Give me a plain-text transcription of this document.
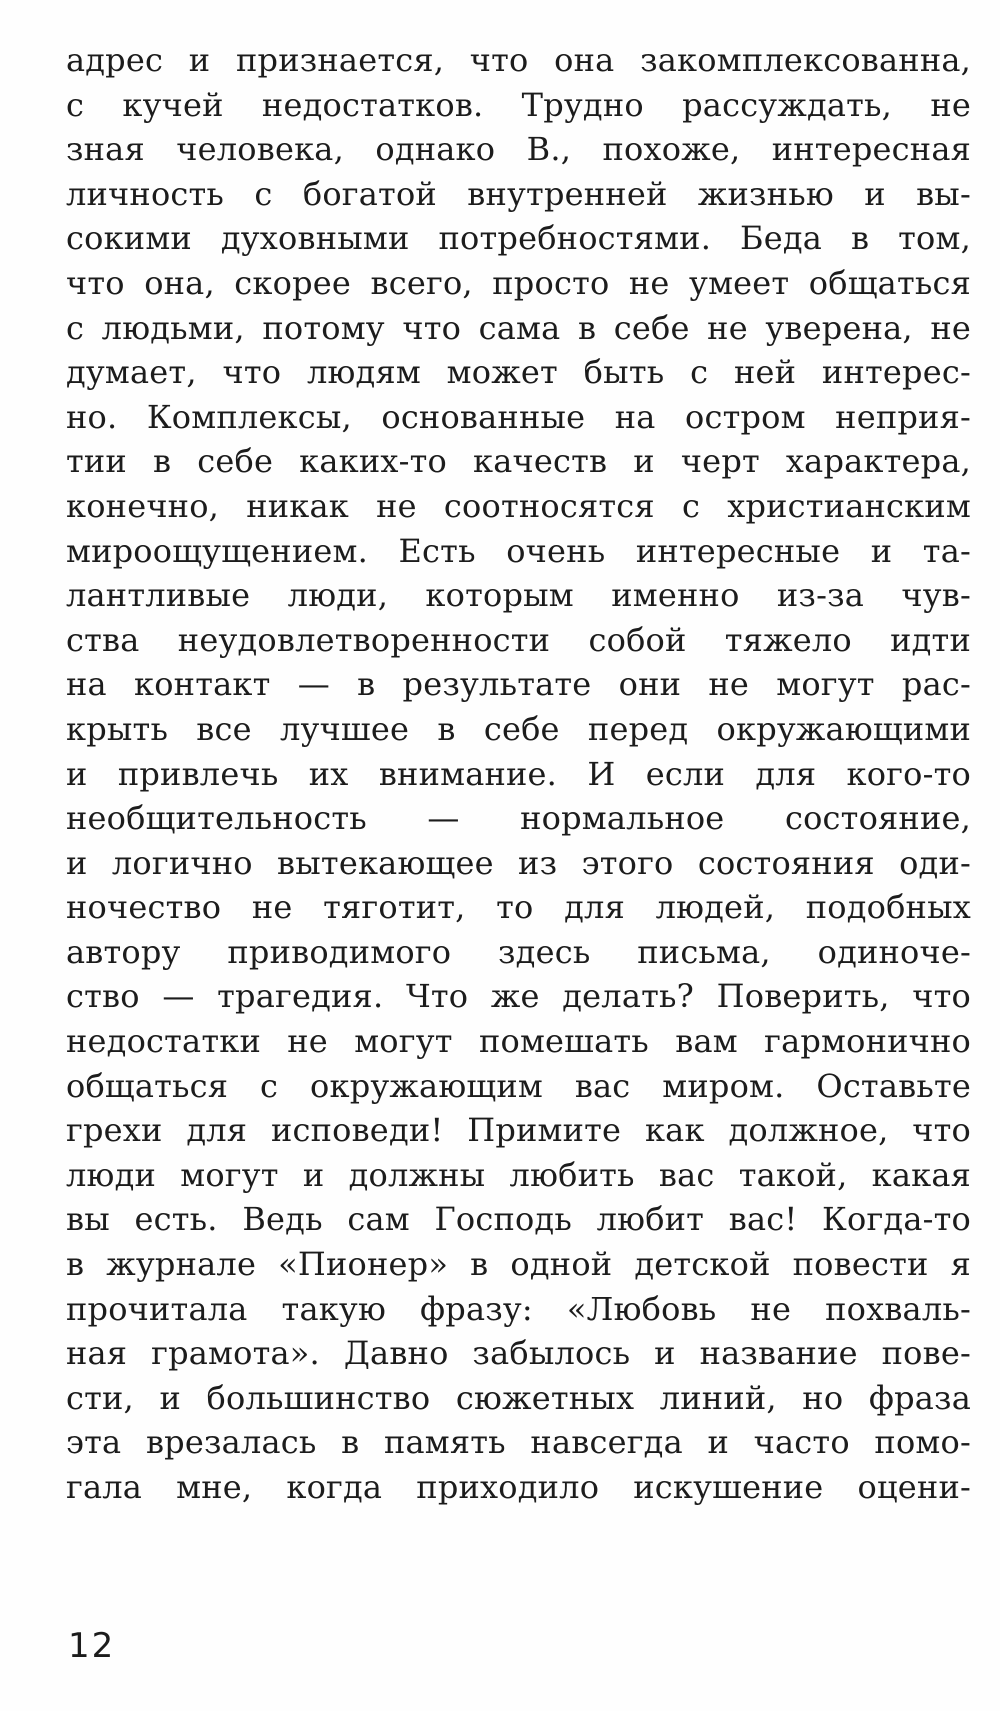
адрес и признается, что она закомплексованна,
с кучей недостатков. Трудно рассуждать, не
зная человека, однако В., похоже, интересная
личность с богатой внутренней жизнью и вы-
сокими духовными потребностями. Беда в том,
что она, скорее всего, просто не умеет общаться
с людьми, потому что сама в себе не уверена, не
думает, что людям может быть с ней интерес-
но. Комплексы, основанные на остром неприя-
тии в себе каких-то качеств и черт характера,
конечно, никак не соотносятся с христианским
мироощущением. Есть очень интересные и та-
лантливые люди, которым именно из-за чув-
ства неудовлетворенности собой тяжело идти
на контакт — в результате они не могут рас-
крыть все лучшее в себе перед окружающими
и привлечь их внимание. И если для кого-то
необщительность — нормальное состояние,
и логично вытекающее из этого состояния оди-
ночество не тяготит, то для людей, подобных
автору приводимого здесь письма, одиноче-
ство — трагедия. Что же делать? Поверить, что
недостатки не могут помешать вам гармонично
общаться с окружающим вас миром. Оставьте
грехи для исповеди! Примите как должное, что
люди могут и должны любить вас такой, какая
вы есть. Ведь сам Господь любит вас! Когда-то
в журнале «Пионер» в одной детской повести я
прочитала такую фразу: «Любовь не похваль-
ная грамота». Давно забылось и название пове-
сти, и большинство сюжетных линий, но фраза
эта врезалась в память навсегда и часто помо-
гала мне, когда приходило искушение оцени-
12
